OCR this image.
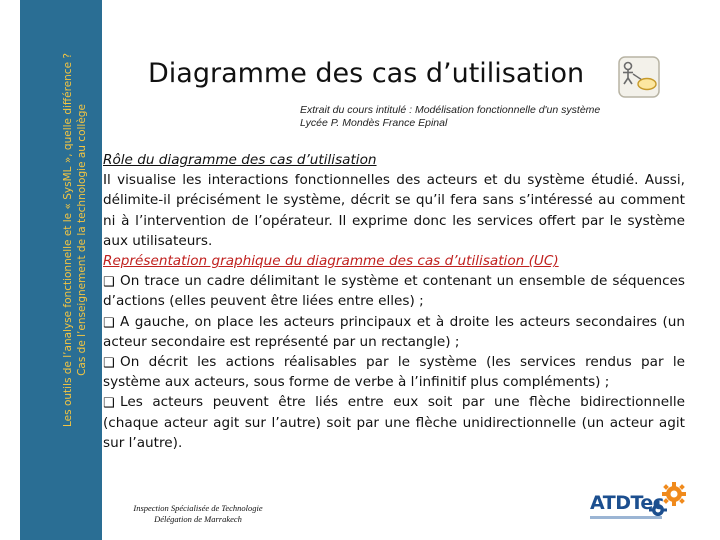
Les outils de l’analyse fonctionnelle et le « SysML », quelle différence ? Cas de l’enseignement de la technologie au collège
Diagramme des cas d’utilisation
Extrait du cours intitulé : Modélisation fonctionnelle d'un système
Lycée P. Mondès France Epinal

Rôle du diagramme des cas d’utilisation

Il visualise les interactions fonctionnelles des acteurs et du système étudié. Aussi, délimite-il précisément le système, décrit se qu’il fera sans s’intéressé au comment ni à l’intervention de l’opérateur. Il exprime donc les services offert par le système aux utilisateurs.

Représentation graphique du diagramme des cas d’utilisation (UC)

❑ On trace un cadre délimitant le système et contenant un ensemble de séquences d’actions (elles peuvent être liées entre elles) ;

❑ A gauche, on place les acteurs principaux et à droite les acteurs secondaires (un acteur secondaire est représenté par un rectangle) ;

❑ On décrit les actions réalisables par le système (les services rendus par le système aux acteurs, sous forme de verbe à l’infinitif plus compléments) ;

❑ Les acteurs peuvent être liés entre eux soit par une flèche bidirectionnelle (chaque acteur agit sur l’autre) soit par une flèche unidirectionnelle (un acteur agit sur l’autre).

Inspection Spécialisée de Technologie
Délégation de Marrakech
ATDTec
